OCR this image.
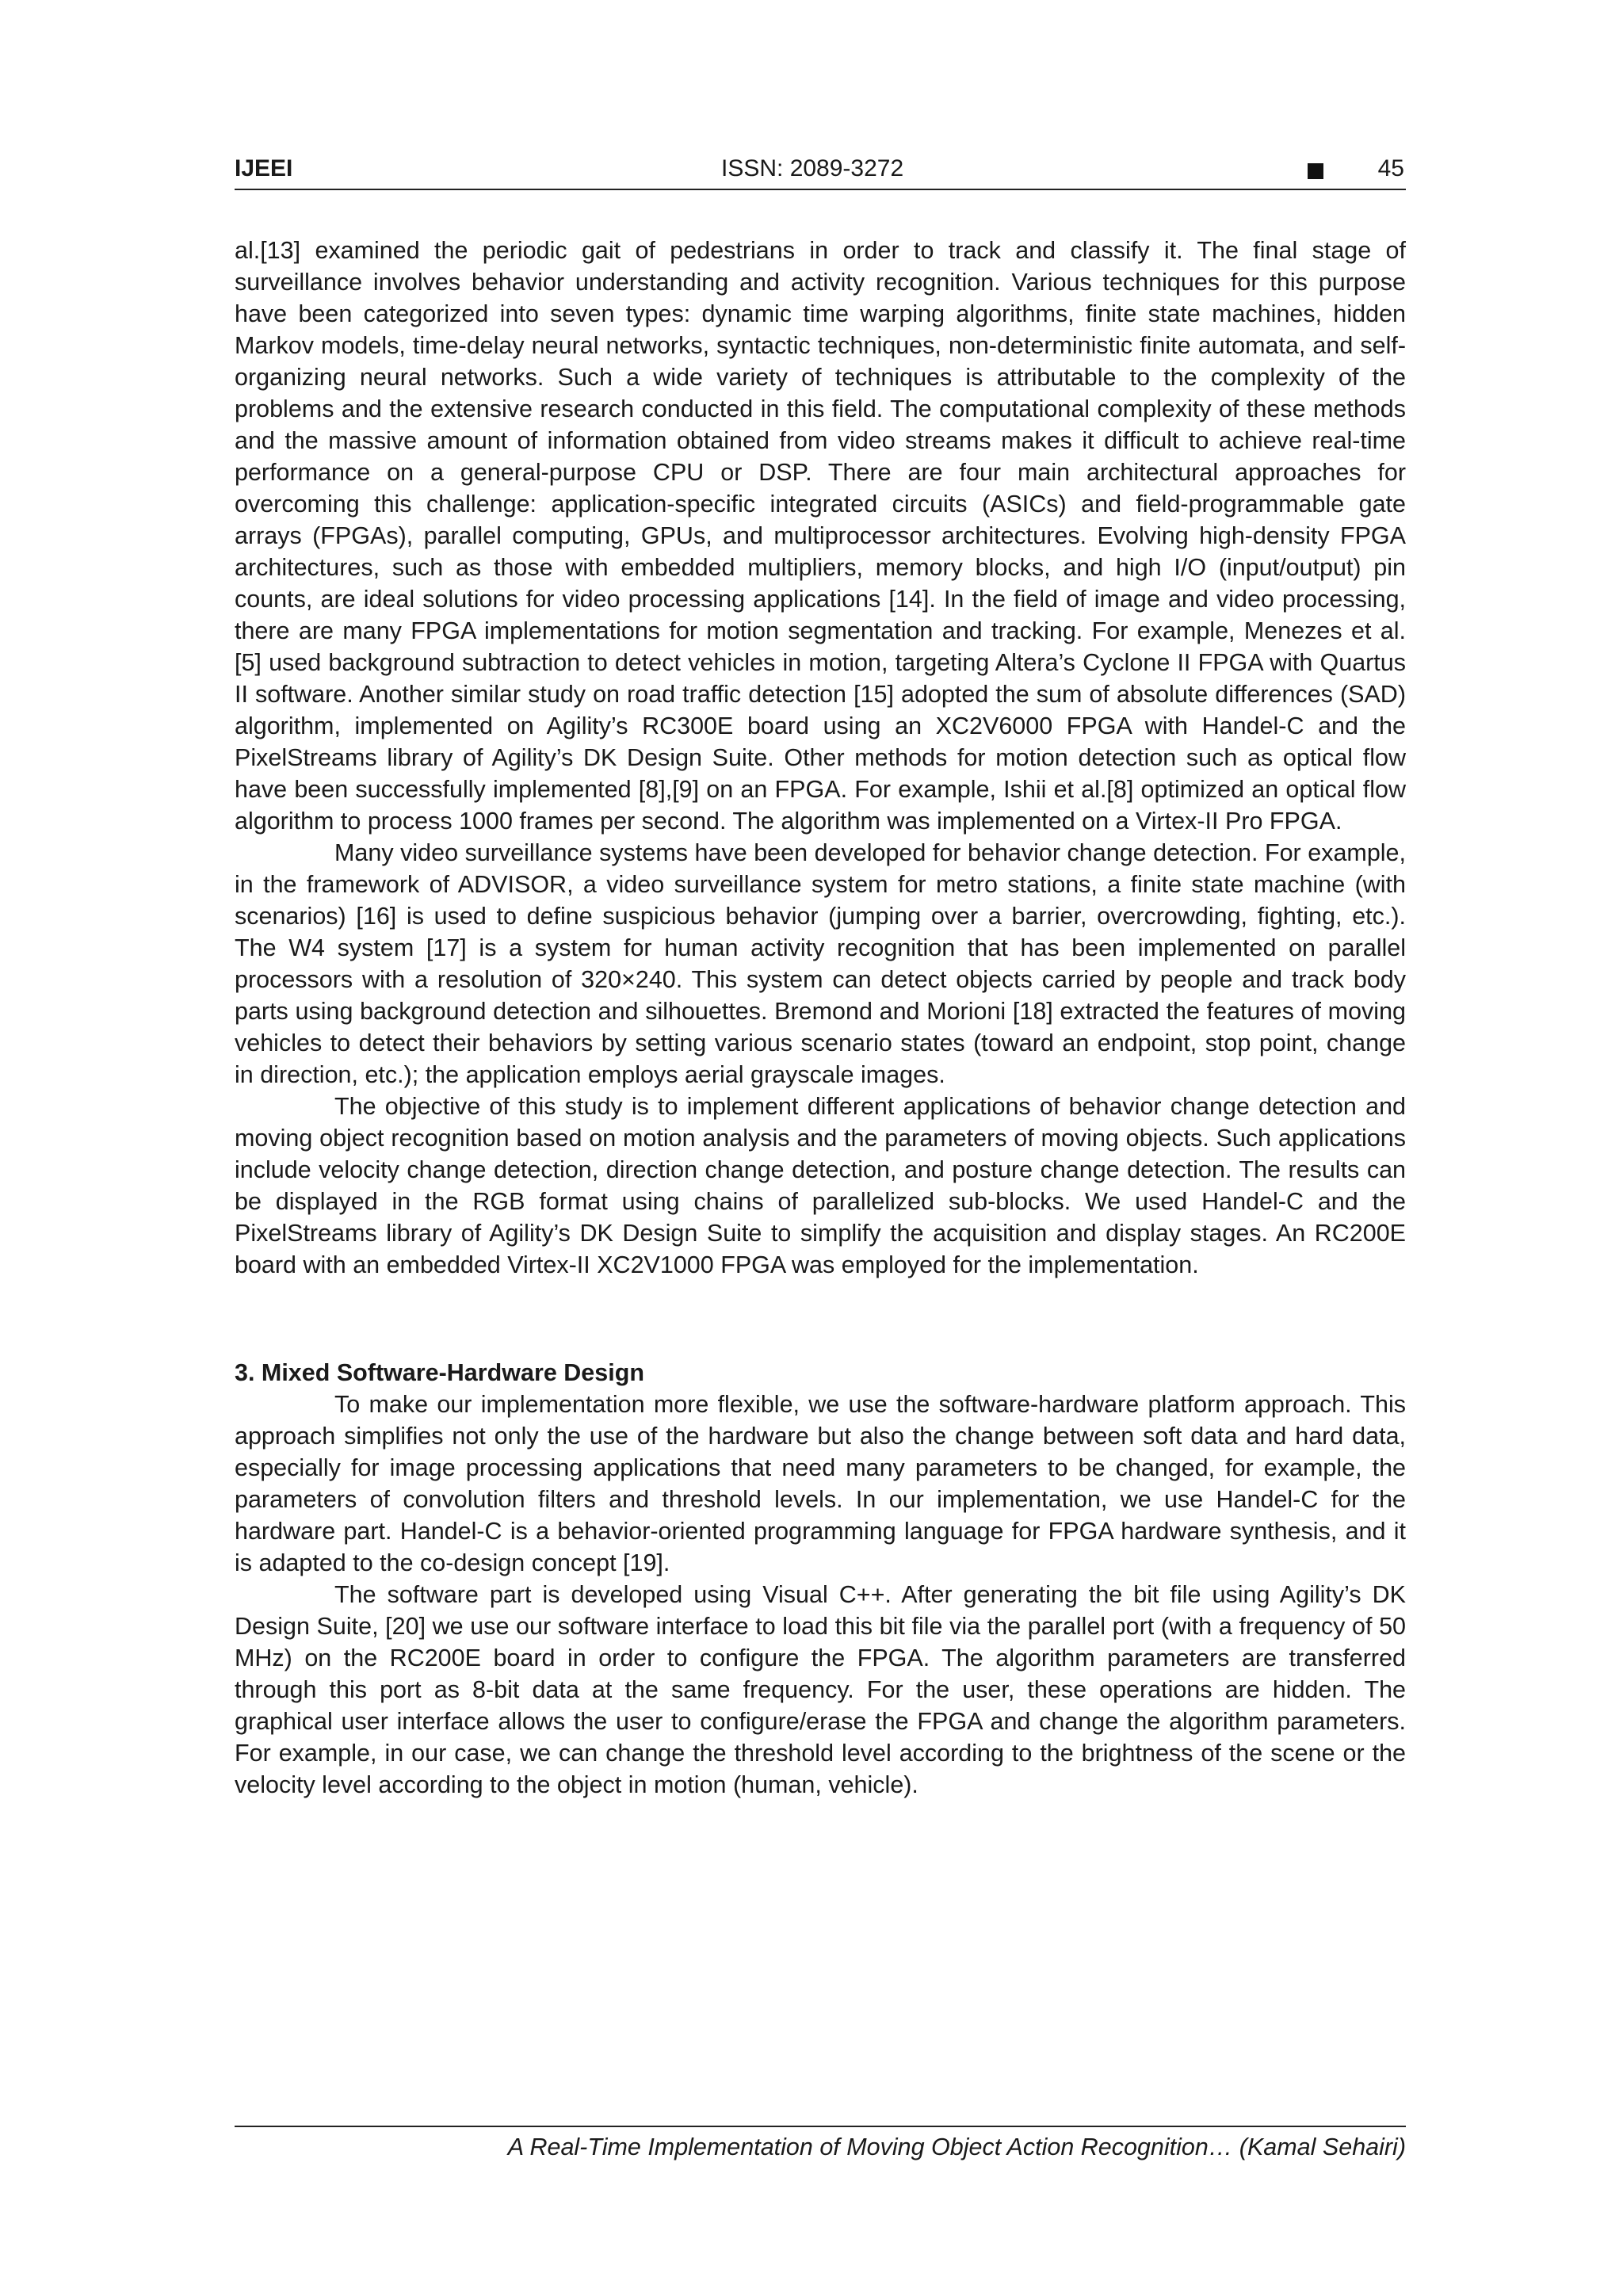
IJEEI	ISSN: 2089-3272	45

al.[13] examined the periodic gait of pedestrians in order to track and classify it. The final stage of surveillance involves behavior understanding and activity recognition. Various techniques for this purpose have been categorized into seven types: dynamic time warping algorithms, finite state machines, hidden Markov models, time-delay neural networks, syntactic techniques, non-deterministic finite automata, and self-organizing neural networks. Such a wide variety of techniques is attributable to the complexity of the problems and the extensive research conducted in this field. The computational complexity of these methods and the massive amount of information obtained from video streams makes it difficult to achieve real-time performance on a general-purpose CPU or DSP. There are four main architectural approaches for overcoming this challenge: application-specific integrated circuits (ASICs) and field-programmable gate arrays (FPGAs), parallel computing, GPUs, and multiprocessor architectures. Evolving high-density FPGA architectures, such as those with embedded multipliers, memory blocks, and high I/O (input/output) pin counts, are ideal solutions for video processing applications [14]. In the field of image and video processing, there are many FPGA implementations for motion segmentation and tracking. For example, Menezes et al. [5] used background subtraction to detect vehicles in motion, targeting Altera’s Cyclone II FPGA with Quartus II software. Another similar study on road traffic detection [15] adopted the sum of absolute differences (SAD) algorithm, implemented on Agility’s RC300E board using an XC2V6000 FPGA with Handel-C and the PixelStreams library of Agility’s DK Design Suite. Other methods for motion detection such as optical flow have been successfully implemented [8],[9] on an FPGA. For example, Ishii et al.[8] optimized an optical flow algorithm to process 1000 frames per second. The algorithm was implemented on a Virtex-II Pro FPGA.

Many video surveillance systems have been developed for behavior change detection. For example, in the framework of ADVISOR, a video surveillance system for metro stations, a finite state machine (with scenarios) [16] is used to define suspicious behavior (jumping over a barrier, overcrowding, fighting, etc.). The W4 system [17] is a system for human activity recognition that has been implemented on parallel processors with a resolution of 320×240. This system can detect objects carried by people and track body parts using background detection and silhouettes. Bremond and Morioni [18] extracted the features of moving vehicles to detect their behaviors by setting various scenario states (toward an endpoint, stop point, change in direction, etc.); the application employs aerial grayscale images.

The objective of this study is to implement different applications of behavior change detection and moving object recognition based on motion analysis and the parameters of moving objects. Such applications include velocity change detection, direction change detection, and posture change detection. The results can be displayed in the RGB format using chains of parallelized sub-blocks. We used Handel-C and the PixelStreams library of Agility’s DK Design Suite to simplify the acquisition and display stages. An RC200E board with an embedded Virtex-II XC2V1000 FPGA was employed for the implementation.

3. Mixed Software-Hardware Design

To make our implementation more flexible, we use the software-hardware platform approach. This approach simplifies not only the use of the hardware but also the change between soft data and hard data, especially for image processing applications that need many parameters to be changed, for example, the parameters of convolution filters and threshold levels. In our implementation, we use Handel-C for the hardware part. Handel-C is a behavior-oriented programming language for FPGA hardware synthesis, and it is adapted to the co-design concept [19].

The software part is developed using Visual C++. After generating the bit file using Agility’s DK Design Suite, [20] we use our software interface to load this bit file via the parallel port (with a frequency of 50 MHz) on the RC200E board in order to configure the FPGA. The algorithm parameters are transferred through this port as 8-bit data at the same frequency. For the user, these operations are hidden. The graphical user interface allows the user to configure/erase the FPGA and change the algorithm parameters. For example, in our case, we can change the threshold level according to the brightness of the scene or the velocity level according to the object in motion (human, vehicle).

A Real-Time Implementation of Moving Object Action Recognition… (Kamal Sehairi)
